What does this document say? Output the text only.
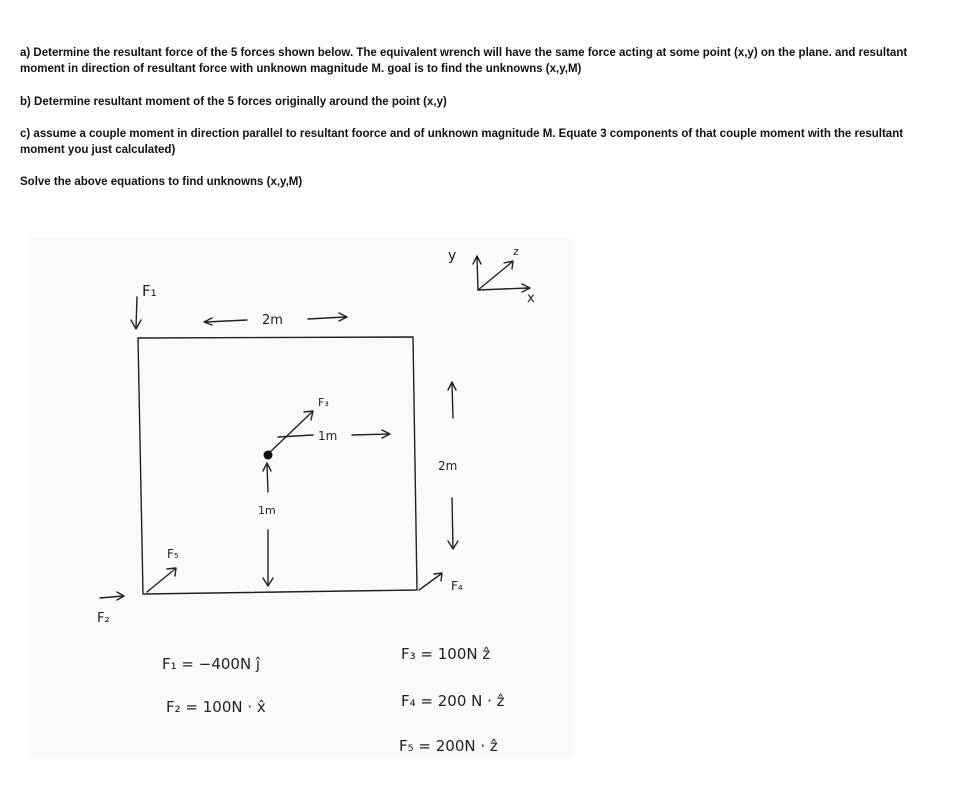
a) Determine the resultant force of the 5 forces shown below. The equivalent wrench will have the same force acting at some point (x,y) on the plane. and resultant moment in direction of resultant force with unknown magnitude M. goal is to find the unknowns (x,y,M)

b) Determine resultant moment of the 5 forces originally around the point (x,y)

c) assume a couple moment in direction parallel to resultant foorce and of unknown magnitude M. Equate 3 components of that couple moment with the resultant moment you just calculated)

Solve the above equations to find unknowns (x,y,M)

y	z
x
F₁
2m
F₃
1m
1m
2m
F₅
F₄
F₂
F₁ = −400N ĵ
F₂ = 100N · x̂
F₃ = 100N ẑ
F₄ = 200 N · ẑ
F₅ = 200N · ẑ
